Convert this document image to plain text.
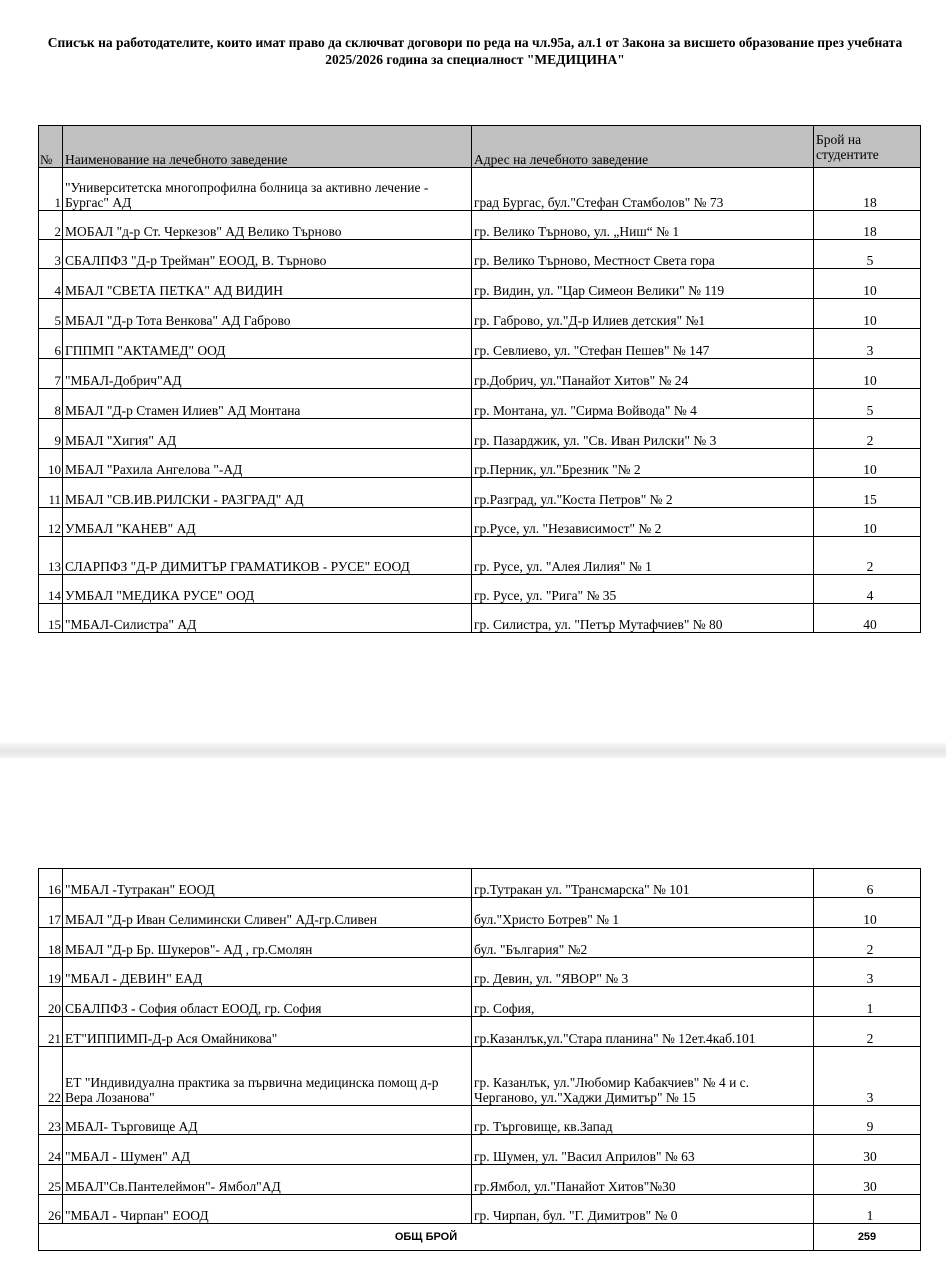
Списък на работодателите, които имат право да сключват договори по реда на чл.95а, ал.1 от Закона за висшето образование през учебната 2025/2026 година за специалност "МЕДИЦИНА"
№	Наименование на лечебното заведение	Адрес на лечебното заведение	Брой на студентите
1	"Университетска многопрофилна болница за активно лечение - Бургас" АД	град Бургас, бул."Стефан Стамболов" № 73	18
2	МОБАЛ "д-р Ст. Черкезов" АД Велико Търново	гр. Велико Търново, ул. „Ниш“ № 1	18
3	СБАЛПФЗ "Д-р Трейман" ЕООД, В. Търново	гр. Велико Търново, Местност Света гора	5
4	МБАЛ "СВЕТА ПЕТКА" АД ВИДИН	гр. Видин, ул. "Цар Симеон Велики" № 119	10
5	МБАЛ "Д-р Тота Венкова" АД Габрово	гр. Габрово, ул."Д-р Илиев детския" №1	10
6	ГППМП "АКТАМЕД" ООД	гр. Севлиево, ул. "Стефан Пешев" № 147	3
7	"МБАЛ-Добрич"АД	гр.Добрич, ул."Панайот Хитов" № 24	10
8	МБАЛ "Д-р Стамен Илиев" АД Монтана	гр. Монтана, ул. "Сирма Войвода" № 4	5
9	МБАЛ "Хигия" АД	гр. Пазарджик, ул. "Св. Иван Рилски" № 3	2
10	МБАЛ "Рахила Ангелова "-АД	гр.Перник, ул."Брезник "№ 2	10
11	МБАЛ "СВ.ИВ.РИЛСКИ - РАЗГРАД" АД	гр.Разград, ул."Коста Петров" № 2	15
12	УМБАЛ "КАНЕВ" АД	гр.Русе, ул. "Независимост" № 2	10
13	СЛАРПФЗ "Д-Р ДИМИТЪР ГРАМАТИКОВ - РУСЕ" ЕООД	гр. Русе, ул. "Алея Лилия" № 1	2
14	УМБАЛ "МЕДИКА РУСЕ" ООД	гр. Русе, ул. "Рига" № 35	4
15	"МБАЛ-Силистра" АД	гр. Силистра, ул. "Петър Мутафчиев" № 80	40
16	"МБАЛ -Тутракан" ЕООД	гр.Тутракан ул. "Трансмарска" № 101	6
17	МБАЛ "Д-р Иван Селимински Сливен" АД-гр.Сливен	бул."Христо Ботрев" № 1	10
18	МБАЛ "Д-р Бр. Шукеров"- АД , гр.Смолян	бул. "България" №2	2
19	"МБАЛ - ДЕВИН" ЕАД	гр. Девин, ул. "ЯВОР" № 3	3
20	СБАЛПФЗ - София област ЕООД, гр. София	гр. София,	1
21	ЕТ"ИППИМП-Д-р Ася Омайникова"	гр.Казанлък,ул."Стара планина" № 12ет.4каб.101	2
22	ЕТ "Индивидуална практика за първична медицинска помощ д-р Вера Лозанова"	гр. Казанлък, ул."Любомир Кабакчиев" № 4 и с. Черганово, ул."Хаджи Димитър" № 15	3
23	МБАЛ- Търговище АД	гр. Търговище, кв.Запад	9
24	"МБАЛ - Шумен" АД	гр. Шумен, ул. "Васил Априлов" № 63	30
25	МБАЛ"Св.Пантелеймон"- Ямбол"АД	гр.Ямбол, ул."Панайот Хитов"№30	30
26	"МБАЛ - Чирпан" ЕООД	гр. Чирпан, бул. "Г. Димитров" № 0	1
ОБЩ БРОЙ			259
